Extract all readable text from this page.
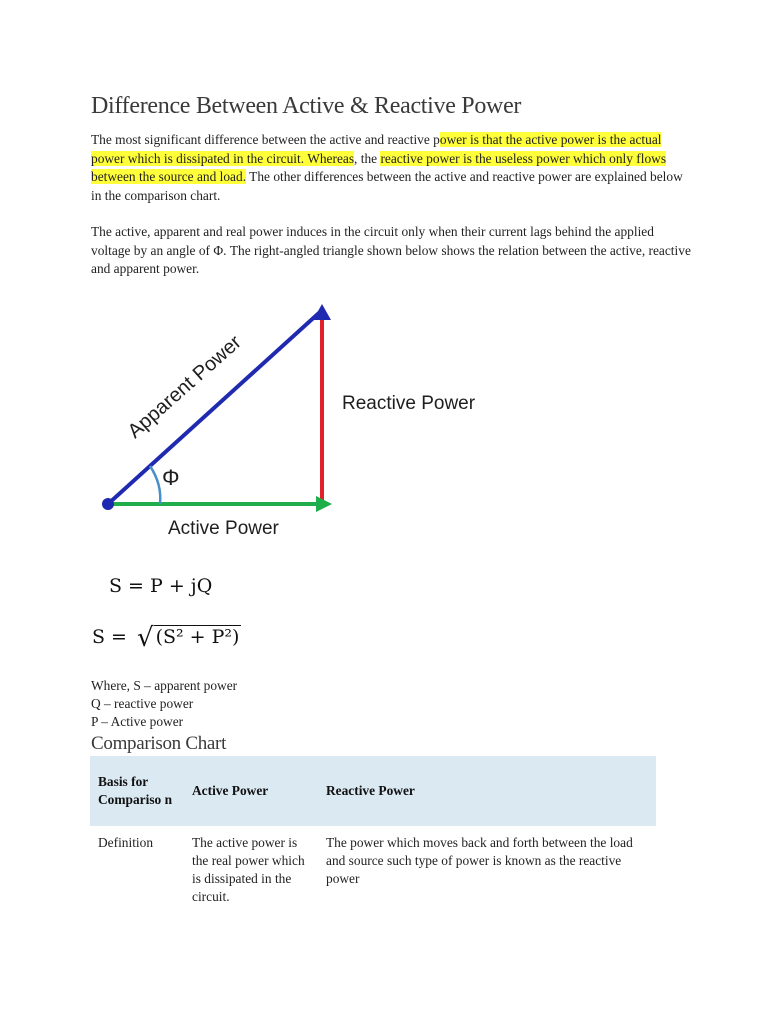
Difference Between Active & Reactive Power

The most significant difference between the active and reactive power is that the active power is the actual power which is dissipated in the circuit. Whereas, the reactive power is the useless power which only flows between the source and load. The other differences between the active and reactive power are explained below in the comparison chart.

The active, apparent and real power induces in the circuit only when their current lags behind the applied voltage by an angle of Φ. The right-angled triangle shown below shows the relation between the active, reactive and apparent power.

Apparent Power	Reactive Power
Active Power
Φ
S = P + jQ
S = √ (S² + P²)
Where, S – apparent power
Q – reactive power
P – Active power
Comparison Chart
Basis for Compariso n	Active Power	Reactive Power
Definition	The active power is the real power which is dissipated in the circuit.	The power which moves back and forth between the load and source such type of power is known as the reactive power
